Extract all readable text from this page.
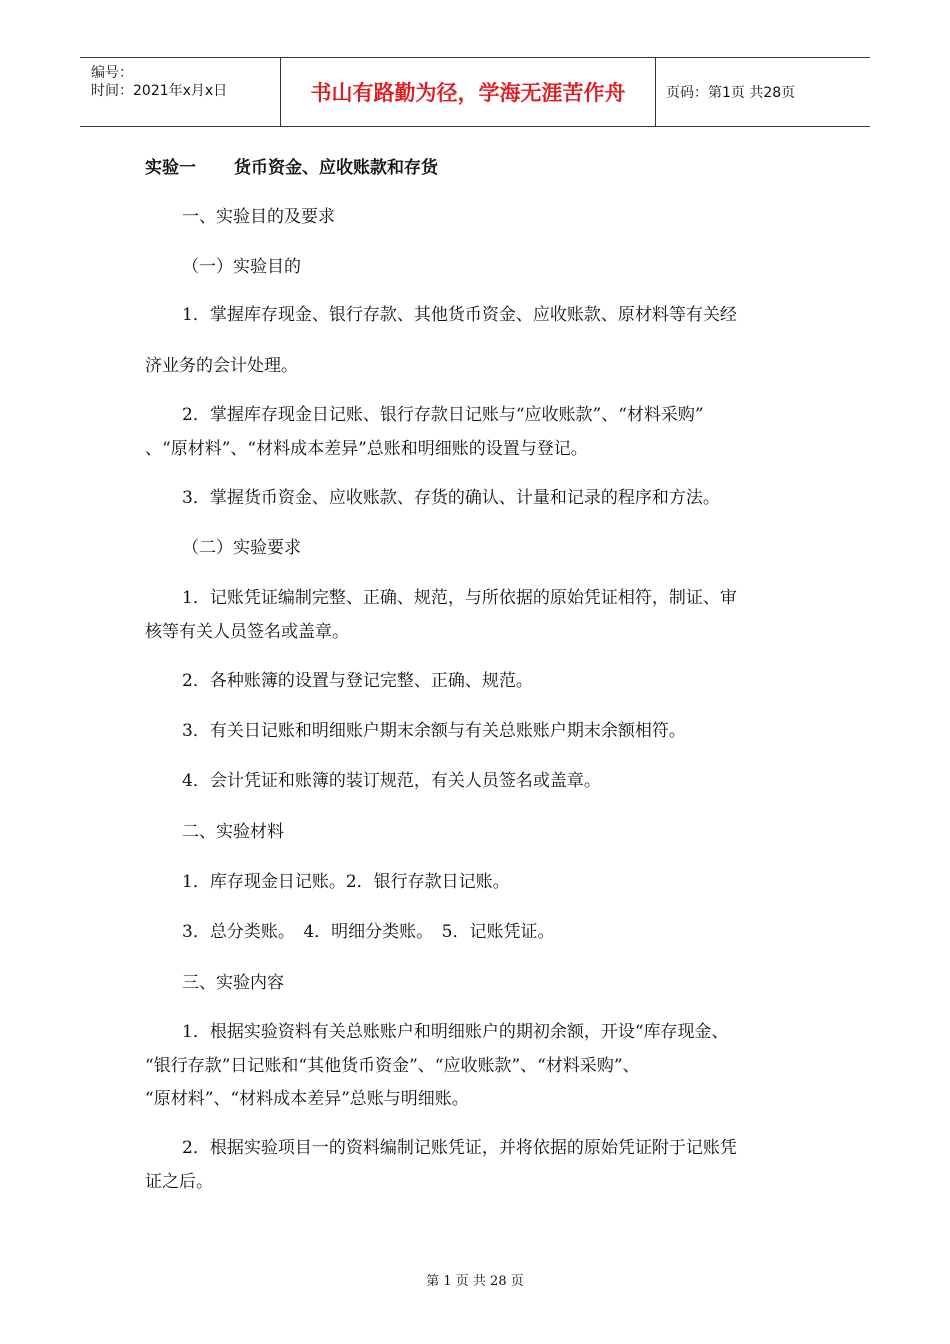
编号：
时间：2021年x月x日	书山有路勤为径，学海无涯苦作舟	页码：第1页 共28页
实验一 货币资金、应收账款和存货
一、实验目的及要求
（一）实验目的
1．掌握库存现金、银行存款、其他货币资金、应收账款、原材料等有关经
济业务的会计处理。
2．掌握库存现金日记账、银行存款日记账与“应收账款”、“材料采购”
、“原材料”、“材料成本差异”总账和明细账的设置与登记。
3．掌握货币资金、应收账款、存货的确认、计量和记录的程序和方法。
（二）实验要求
1．记账凭证编制完整、正确、规范，与所依据的原始凭证相符，制证、审
核等有关人员签名或盖章。
2．各种账簿的设置与登记完整、正确、规范。
3．有关日记账和明细账户期末余额与有关总账账户期末余额相符。
4．会计凭证和账簿的装订规范，有关人员签名或盖章。
二、实验材料
1．库存现金日记账。2．银行存款日记账。
3．总分类账。　4．明细分类账。　5．记账凭证。
三、实验内容
1．根据实验资料有关总账账户和明细账户的期初余额，开设“库存现金、
“银行存款”日记账和“其他货币资金”、“应收账款”、“材料采购”、
“原材料”、“材料成本差异”总账与明细账。
2．根据实验项目一的资料编制记账凭证，并将依据的原始凭证附于记账凭
证之后。
第 1 页 共 28 页
